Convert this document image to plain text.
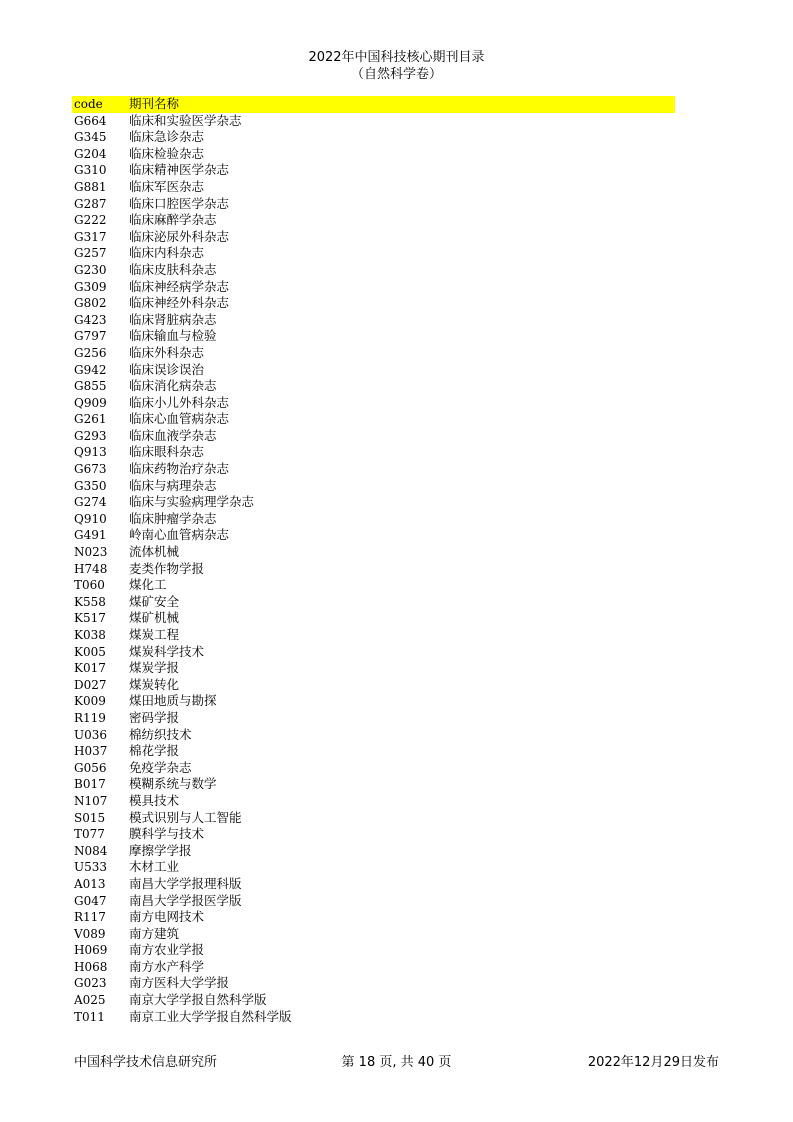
2022年中国科技核心期刊目录
（自然科学卷）
code	期刊名称
G664	临床和实验医学杂志
G345	临床急诊杂志
G204	临床检验杂志
G310	临床精神医学杂志
G881	临床军医杂志
G287	临床口腔医学杂志
G222	临床麻醉学杂志
G317	临床泌尿外科杂志
G257	临床内科杂志
G230	临床皮肤科杂志
G309	临床神经病学杂志
G802	临床神经外科杂志
G423	临床肾脏病杂志
G797	临床输血与检验
G256	临床外科杂志
G942	临床误诊误治
G855	临床消化病杂志
Q909	临床小儿外科杂志
G261	临床心血管病杂志
G293	临床血液学杂志
Q913	临床眼科杂志
G673	临床药物治疗杂志
G350	临床与病理杂志
G274	临床与实验病理学杂志
Q910	临床肿瘤学杂志
G491	岭南心血管病杂志
N023	流体机械
H748	麦类作物学报
T060	煤化工
K558	煤矿安全
K517	煤矿机械
K038	煤炭工程
K005	煤炭科学技术
K017	煤炭学报
D027	煤炭转化
K009	煤田地质与勘探
R119	密码学报
U036	棉纺织技术
H037	棉花学报
G056	免疫学杂志
B017	模糊系统与数学
N107	模具技术
S015	模式识别与人工智能
T077	膜科学与技术
N084	摩擦学学报
U533	木材工业
A013	南昌大学学报理科版
G047	南昌大学学报医学版
R117	南方电网技术
V089	南方建筑
H069	南方农业学报
H068	南方水产科学
G023	南方医科大学学报
A025	南京大学学报自然科学版
T011	南京工业大学学报自然科学版
中国科学技术信息研究所	第 18 页, 共 40 页	2022年12月29日发布
